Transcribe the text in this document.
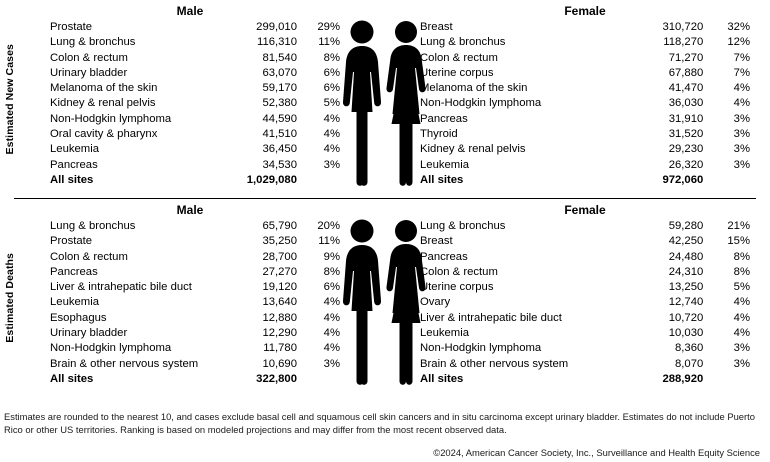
Estimated New Cases
Male	Female
Prostate	299,010	29%
Lung & bronchus	116,310	11%
Colon & rectum	81,540	8%
Urinary bladder	63,070	6%
Melanoma of the skin	59,170	6%
Kidney & renal pelvis	52,380	5%
Non-Hodgkin lymphoma	44,590	4%
Oral cavity & pharynx	41,510	4%
Leukemia	36,450	4%
Pancreas	34,530	3%
All sites	1,029,080	
Breast	310,720	32%
Lung & bronchus	118,270	12%
Colon & rectum	71,270	7%
Uterine corpus	67,880	7%
Melanoma of the skin	41,470	4%
Non-Hodgkin lymphoma	36,030	4%
Pancreas	31,910	3%
Thyroid	31,520	3%
Kidney & renal pelvis	29,230	3%
Leukemia	26,320	3%
All sites	972,060	
Estimated Deaths
Male	Female
Lung & bronchus	65,790	20%
Prostate	35,250	11%
Colon & rectum	28,700	9%
Pancreas	27,270	8%
Liver & intrahepatic bile duct	19,120	6%
Leukemia	13,640	4%
Esophagus	12,880	4%
Urinary bladder	12,290	4%
Non-Hodgkin lymphoma	11,780	4%
Brain & other nervous system	10,690	3%
All sites	322,800	
Lung & bronchus	59,280	21%
Breast	42,250	15%
Pancreas	24,480	8%
Colon & rectum	24,310	8%
Uterine corpus	13,250	5%
Ovary	12,740	4%
Liver & intrahepatic bile duct	10,720	4%
Leukemia	10,030	4%
Non-Hodgkin lymphoma	8,360	3%
Brain & other nervous system	8,070	3%
All sites	288,920	
Estimates are rounded to the nearest 10, and cases exclude basal cell and squamous cell skin cancers and in situ carcinoma except urinary bladder. Estimates do not include Puerto Rico or other US territories. Ranking is based on modeled projections and may differ from the most recent observed data.
©2024, American Cancer Society, Inc., Surveillance and Health Equity Science
